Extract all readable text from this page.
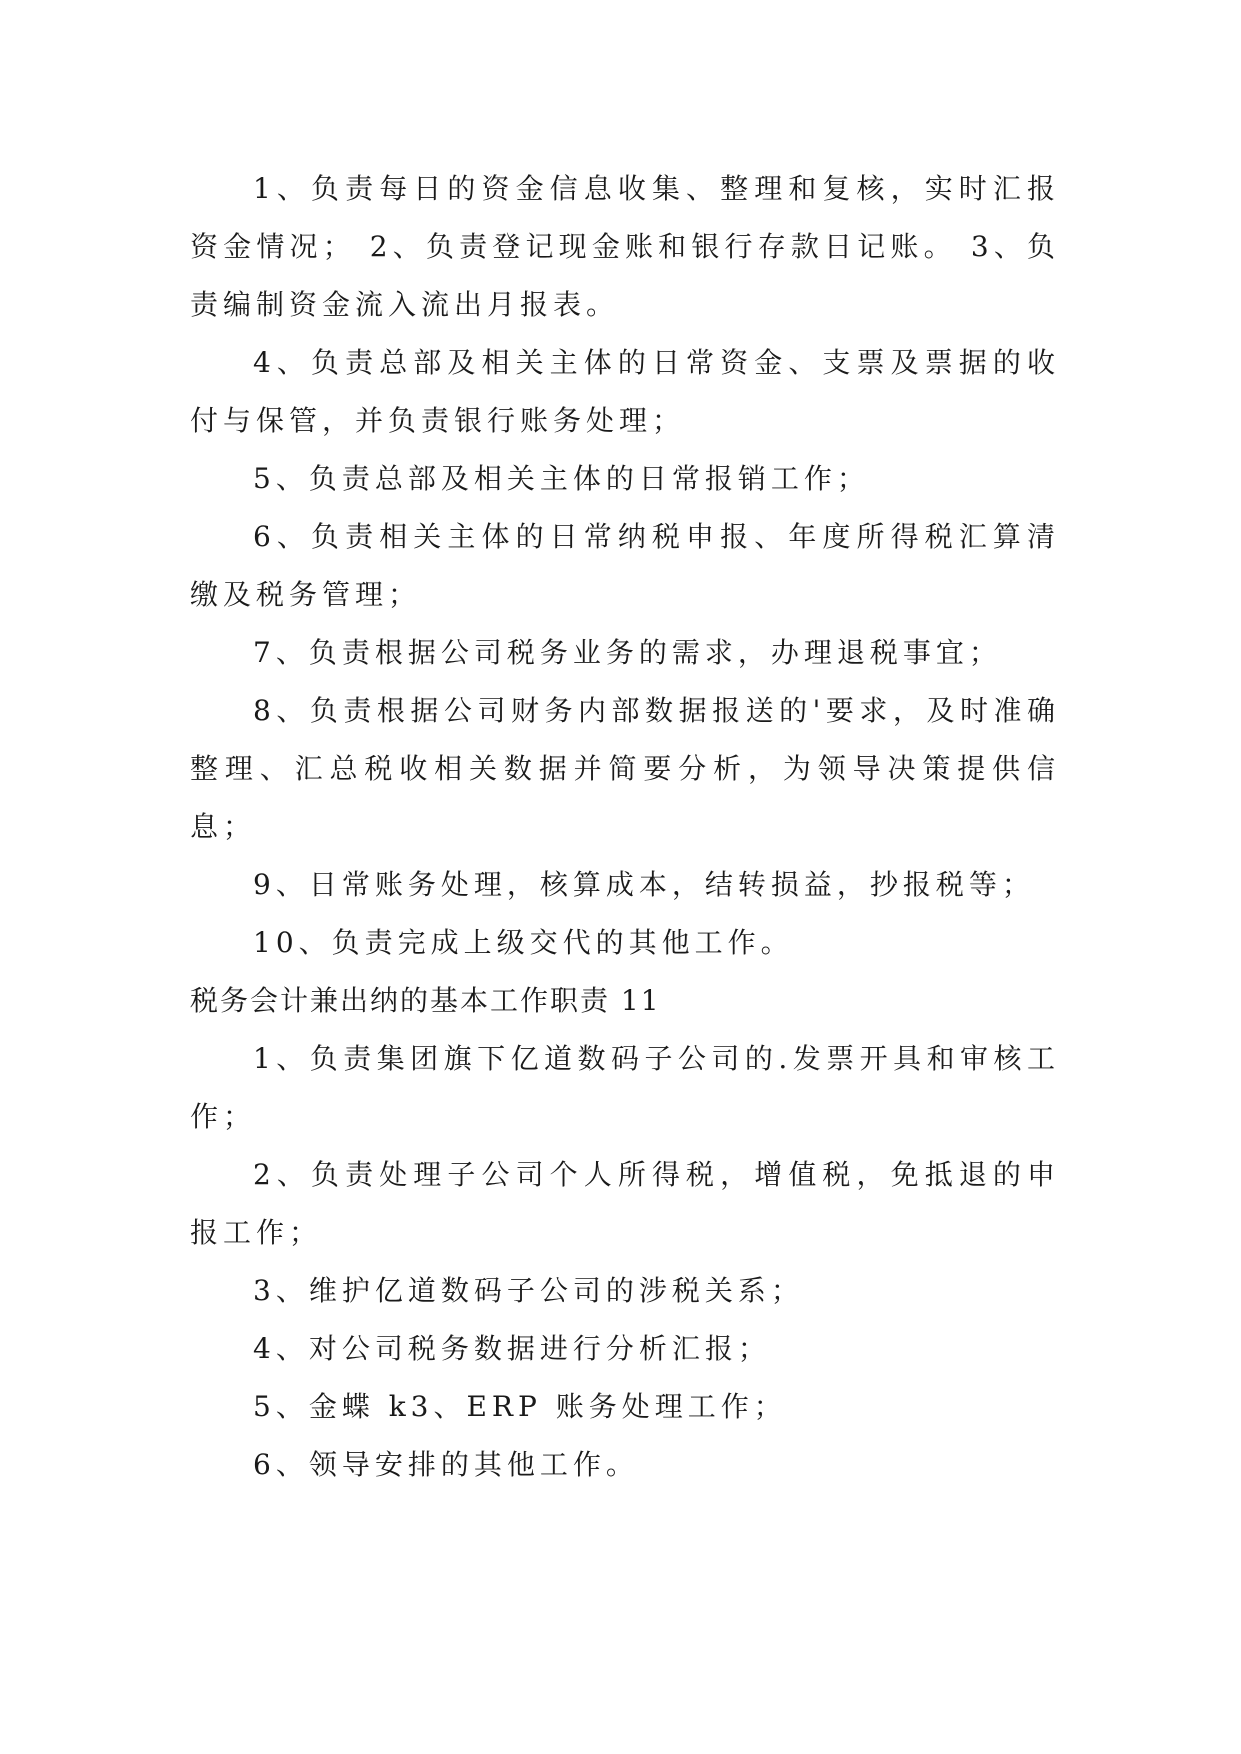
1、负责每日的资金信息收集、整理和复核，实时汇报资金情况； 2、负责登记现金账和银行存款日记账。 3、负责编制资金流入流出月报表。

4、负责总部及相关主体的日常资金、支票及票据的收付与保管，并负责银行账务处理；

5、负责总部及相关主体的日常报销工作；

6、负责相关主体的日常纳税申报、年度所得税汇算清缴及税务管理；

7、负责根据公司税务业务的需求，办理退税事宜；

8、负责根据公司财务内部数据报送的'要求，及时准确整理、汇总税收相关数据并简要分析，为领导决策提供信息；

9、日常账务处理，核算成本，结转损益，抄报税等；

10、负责完成上级交代的其他工作。

税务会计兼出纳的基本工作职责 11

1、负责集团旗下亿道数码子公司的.发票开具和审核工作；

2、负责处理子公司个人所得税，增值税，免抵退的申报工作；

3、维护亿道数码子公司的涉税关系；

4、对公司税务数据进行分析汇报；

5、金蝶 k3、ERP 账务处理工作；

6、领导安排的其他工作。
